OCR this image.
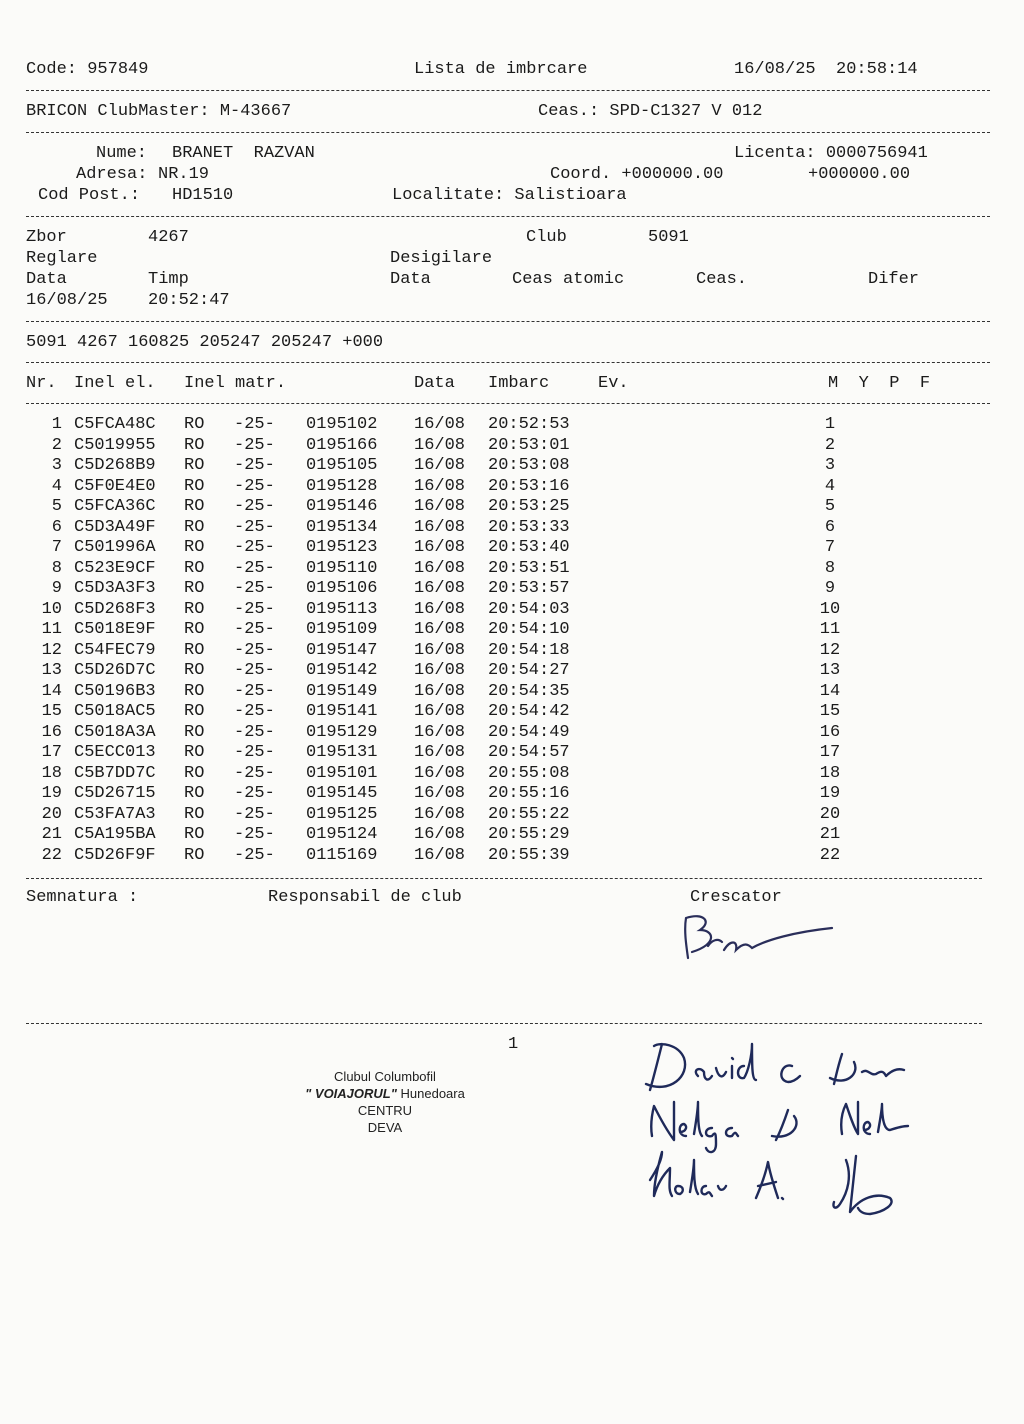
Code: 957849	Lista de imbrcare	16/08/25  20:58:14
BRICON ClubMaster: M-43667	Ceas.: SPD-C1327 V 012
Nume: BRANET  RAZVAN	Licenta: 0000756941
Adresa: NR.19	Coord. +000000.00	+000000.00
Cod Post.: HD1510	Localitate: Salistioara
Zbor	4267	Club	5091
Reglare	Desigilare
Data	Timp	Data	Ceas atomic	Ceas.	Difer
16/08/25 20:52:47
5091 4267 160825 205247 205247 +000
Nr. Inel el. Inel matr.	Data Imbarc	Ev.	M  Y  P  F
1 C5FCA48C RO -25- 0195102 16/08 20:52:53	1
2 C5019955 RO -25- 0195166 16/08 20:53:01	2
3 C5D268B9 RO -25- 0195105 16/08 20:53:08	3
4 C5F0E4E0 RO -25- 0195128 16/08 20:53:16	4
5 C5FCA36C RO -25- 0195146 16/08 20:53:25	5
6 C5D3A49F RO -25- 0195134 16/08 20:53:33	6
7 C501996A RO -25- 0195123 16/08 20:53:40	7
8 C523E9CF RO -25- 0195110 16/08 20:53:51	8
9 C5D3A3F3 RO -25- 0195106 16/08 20:53:57	9
10 C5D268F3 RO -25- 0195113 16/08 20:54:03	10
11 C5018E9F RO -25- 0195109 16/08 20:54:10	11
12 C54FEC79 RO -25- 0195147 16/08 20:54:18	12
13 C5D26D7C RO -25- 0195142 16/08 20:54:27	13
14 C50196B3 RO -25- 0195149 16/08 20:54:35	14
15 C5018AC5 RO -25- 0195141 16/08 20:54:42	15
16 C5018A3A RO -25- 0195129 16/08 20:54:49	16
17 C5ECC013 RO -25- 0195131 16/08 20:54:57	17
18 C5B7DD7C RO -25- 0195101 16/08 20:55:08	18
19 C5D26715 RO -25- 0195145 16/08 20:55:16	19
20 C53FA7A3 RO -25- 0195125 16/08 20:55:22	20
21 C5A195BA RO -25- 0195124 16/08 20:55:29	21
22 C5D26F9F RO -25- 0115169 16/08 20:55:39	22
Semnatura :	Responsabil de club	Crescator
1
Clubul Columbofil
" VOIAJORUL" Hunedoara
CENTRU
DEVA
